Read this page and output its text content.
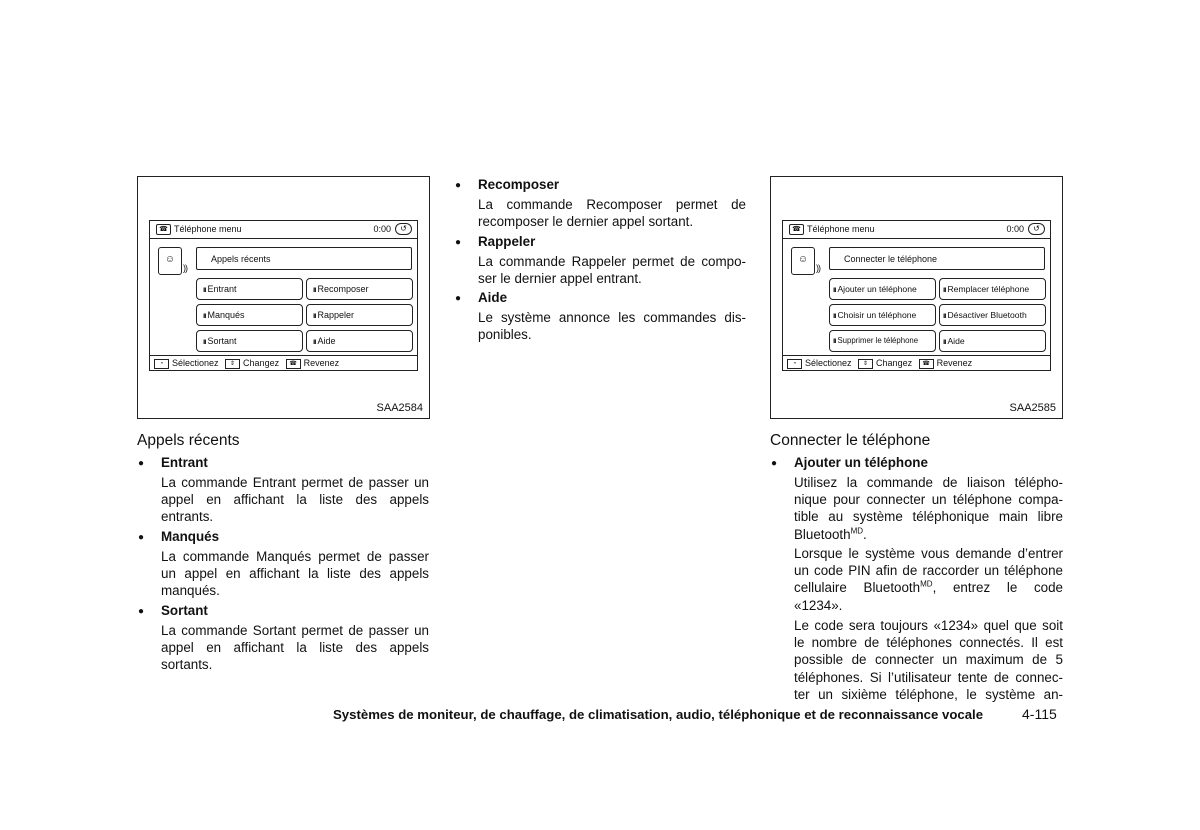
☎ Téléphone menu	0:00	↺
☺
))
Appels récents
ıı Entrant	ıı Recomposer
ıı Manqués	ıı Rappeler
ıı Sortant	ıı Aide
◔ Sélectionez ⇕ Changez ☎ Revenez
SAA2584
☎ Téléphone menu	0:00	↺
☺
))
Connecter le téléphone
ıı Ajouter un téléphone	ıı Remplacer téléphone
ıı Choisir un téléphone	ıı Désactiver Bluetooth
ıı Supprimer le téléphone	ıı Aide
◔ Sélectionez ⇕ Changez ☎ Revenez
SAA2585
Appels récents
● Entrant
La commande Entrant permet de passer un
appel en affichant la liste des appels
entrants.
● Manqués
La commande Manqués permet de passer
un appel en affichant la liste des appels
manqués.
● Sortant
La commande Sortant permet de passer un
appel en affichant la liste des appels
sortants.
● Recomposer
La commande Recomposer permet de
recomposer le dernier appel sortant.
● Rappeler
La commande Rappeler permet de compo-
ser le dernier appel entrant.
● Aide
Le système annonce les commandes dis-
ponibles.
Connecter le téléphone
● Ajouter un téléphone
Utilisez la commande de liaison télépho-
nique pour connecter un téléphone compa-
tible au système téléphonique main libre
Bluetooth$^{MD}$.
Lorsque le système vous demande d’entrer
un code PIN afin de raccorder un téléphone
cellulaire Bluetooth$^{MD}$, entrez le code
«1234».
Le code sera toujours «1234» quel que soit
le nombre de téléphones connectés. Il est
possible de connecter un maximum de 5
téléphones. Si l’utilisateur tente de connec-
ter un sixième téléphone, le système an-
Systèmes de moniteur, de chauffage, de climatisation, audio, téléphonique et de reconnaissance vocale	4-115
